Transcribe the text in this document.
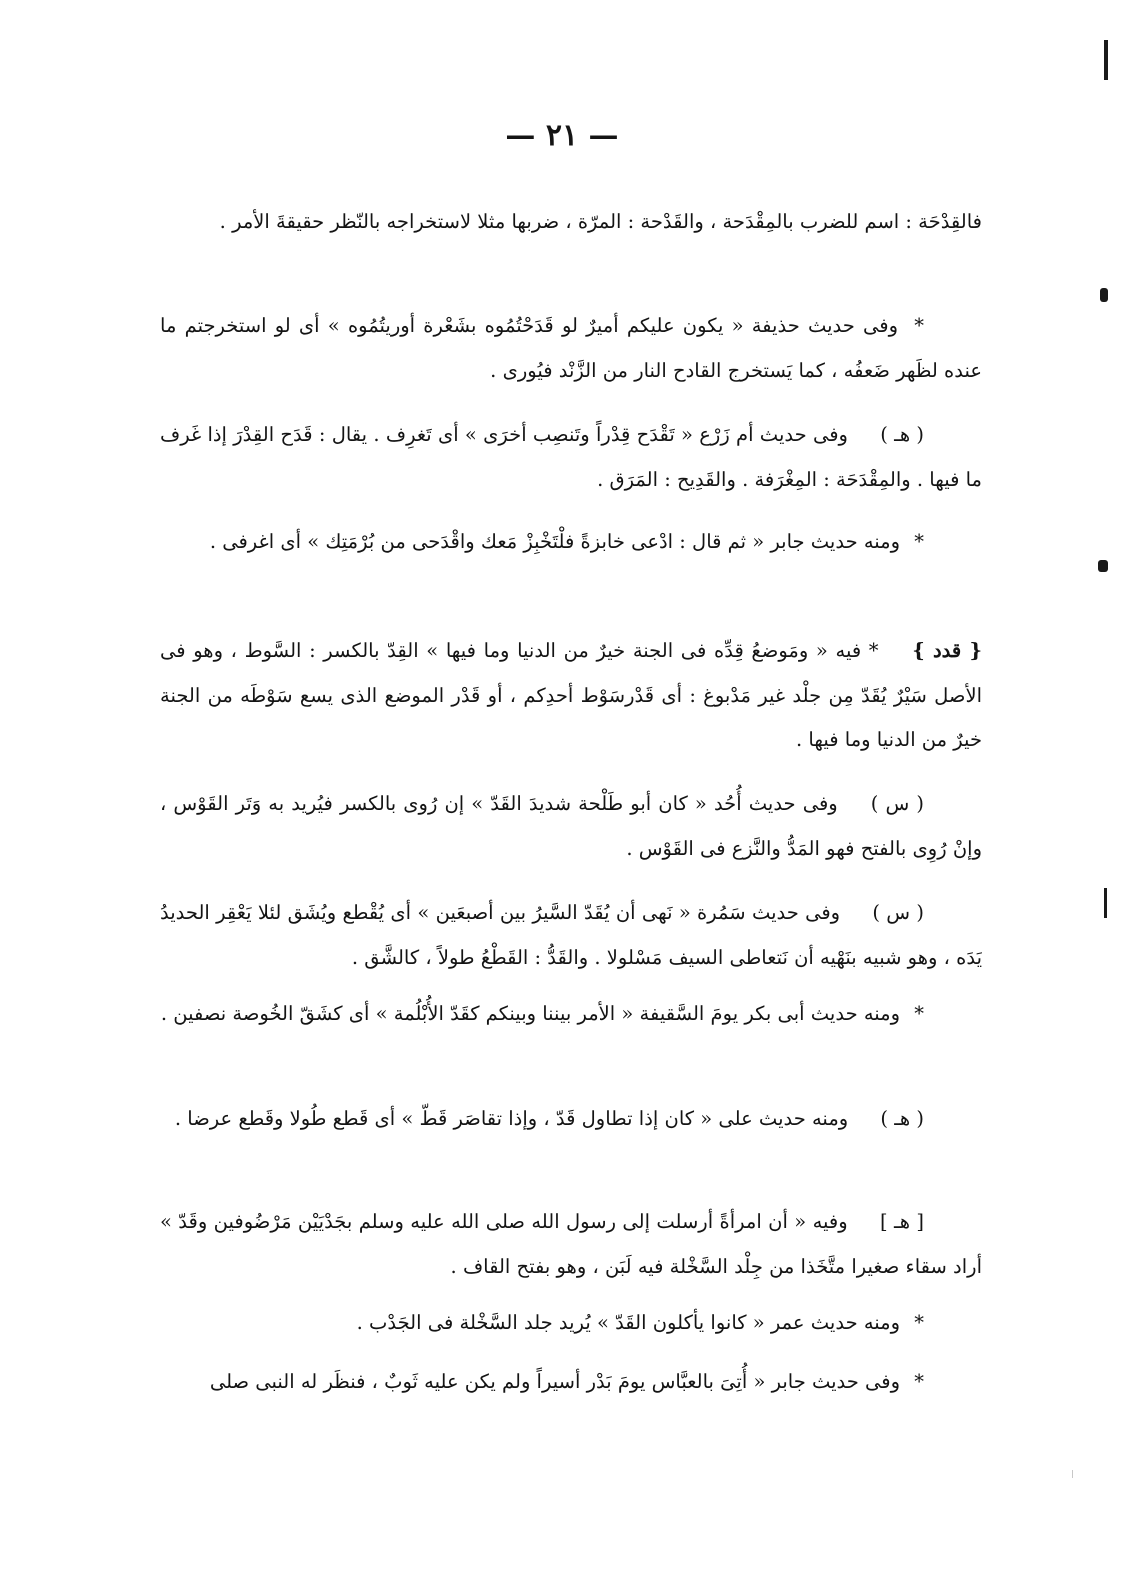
— ٢١ —

فالقِدْحَة : اسم للضرب بالمِقْدَحة ، والقَدْحة : المرّة ، ضربها مثلا لاستخراجه بالنّظر حقيقةَ الأمر .

* وفى حديث حذيفة « يكون عليكم أميرٌ لو قَدَحْتُمُوه بشَعْرة أوريتُمُوه » أى لو استخرجتم ما عنده لظَهر ضَعفُه ، كما يَستخرج القادح النار من الزَّنْد فيُورى .

( هـ ) وفى حديث أم زَرْع « تَقْدَح قِدْراً وتَنصِب أخرَى » أى تَغرِف . يقال : قَدَح القِدْرَ إذا غَرف ما فيها . والمِقْدَحَة : المِغْرَفة . والقَدِيح : المَرَق .

* ومنه حديث جابر « ثم قال : ادْعى خابزةً فلْتَخْبِزْ مَعك واقْدَحى من بُرْمَتِك » أى اغرفى .

{ قدد } * فيه « ومَوضعُ قِدِّه فى الجنة خيرٌ من الدنيا وما فيها » القِدّ بالكسر : السَّوط ، وهو فى الأصل سَيْرٌ يُقَدّ مِن جلْد غير مَدْبوغ : أى قَدْرسَوْط أحدِكم ، أو قَدْر الموضع الذى يسع سَوْطَه من الجنة خيرٌ من الدنيا وما فيها .

( س ) وفى حديث أُحُد « كان أبو طَلْحة شديدَ القَدّ » إن رُوى بالكسر فيُريد به وَتَر القَوْس ، وإنْ رُوِى بالفتح فهو المَدُّ والنَّزع فى القَوْس .

( س ) وفى حديث سَمُرة « نَهى أن يُقَدّ السَّيرُ بين أصبعَين » أى يُقْطع ويُشَق لئلا يَعْقِر الحديدُ يَدَه ، وهو شبيه بنَهْيه أن نَتعاطى السيف مَسْلولا . والقَدُّ : القَطْعُ طولاً ، كالشَّق .

* ومنه حديث أبى بكر يومَ السَّقيفة « الأمر بيننا وبينكم كقَدّ الأُبْلُمة » أى كشَقّ الخُوصة نصفين .

( هـ ) ومنه حديث على « كان إذا تطاول قَدّ ، وإذا تقاصَر قَطّ » أى قَطع طُولا وقَطع عرضا .

[ هـ ] وفيه « أن امرأةً أرسلت إلى رسول الله صلى الله عليه وسلم بجَدْيَيْن مَرْضُوفين وقَدّ » أراد سقاء صغيرا متَّخَذا من جِلْد السَّخْلة فيه لَبَن ، وهو بفتح القاف .

* ومنه حديث عمر « كانوا يأكلون القَدّ » يُريد جلد السَّخْلة فى الجَدْب .

* وفى حديث جابر « أُتِىَ بالعبَّاس يومَ بَدْر أسيراً ولم يكن عليه ثَوبٌ ، فنظَر له النبى صلى
